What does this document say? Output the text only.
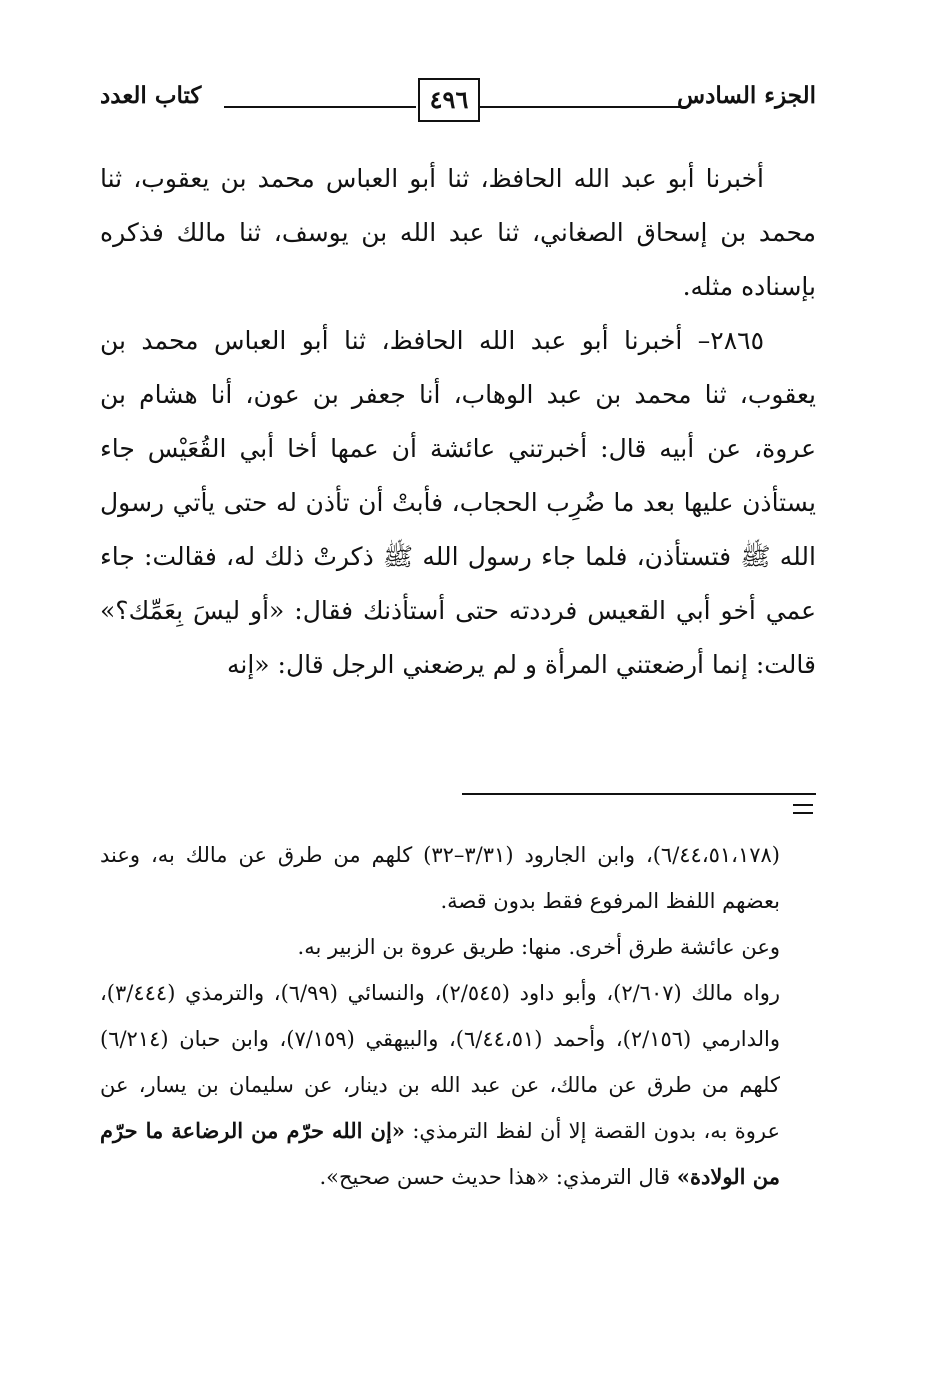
الجزء السادس
٤٩٦
كتاب العدد

أخبرنا أبو عبد الله الحافظ، ثنا أبو العباس محمد بن يعقوب، ثنا محمد بن إسحاق الصغاني، ثنا عبد الله بن يوسف، ثنا مالك فذكره بإسناده مثله.

٢٨٦٥– أخبرنا أبو عبد الله الحافظ، ثنا أبو العباس محمد بن يعقوب، ثنا محمد بن عبد الوهاب، أنا جعفر بن عون، أنا هشام بن عروة، عن أبيه قال: أخبرتني عائشة أن عمها أخا أبي القُعَيْس جاء يستأذن عليها بعد ما ضُرِب الحجاب، فأبتْ أن تأذن له حتى يأتي رسول الله ﷺ فتستأذن، فلما جاء رسول الله ﷺ ذكرتْ ذلك له، فقالت: جاء عمي أخو أبي القعيس فرددته حتى أستأذنك فقال: «أو ليسَ بِعَمِّك؟» قالت: إنما أرضعتني المرأة و لم يرضعني الرجل قال: «إنه

(٦/٤٤،٥١،١٧٨)، وابن الجارود (٣/٣١–٣٢) كلهم من طرق عن مالك به، وعند بعضهم اللفظ المرفوع فقط بدون قصة.

وعن عائشة طرق أخرى. منها: طريق عروة بن الزبير به.

رواه مالك (٢/٦٠٧)، وأبو داود (٢/٥٤٥)، والنسائي (٦/٩٩)، والترمذي (٣/٤٤٤)، والدارمي (٢/١٥٦)، وأحمد (٦/٤٤،٥١)، والبيهقي (٧/١٥٩)، وابن حبان (٦/٢١٤) كلهم من طرق عن مالك، عن عبد الله بن دينار، عن سليمان بن يسار، عن عروة به، بدون القصة إلا أن لفظ الترمذي: «إن الله حرّم من الرضاعة ما حرّم من الولادة» قال الترمذي: «هذا حديث حسن صحيح».
